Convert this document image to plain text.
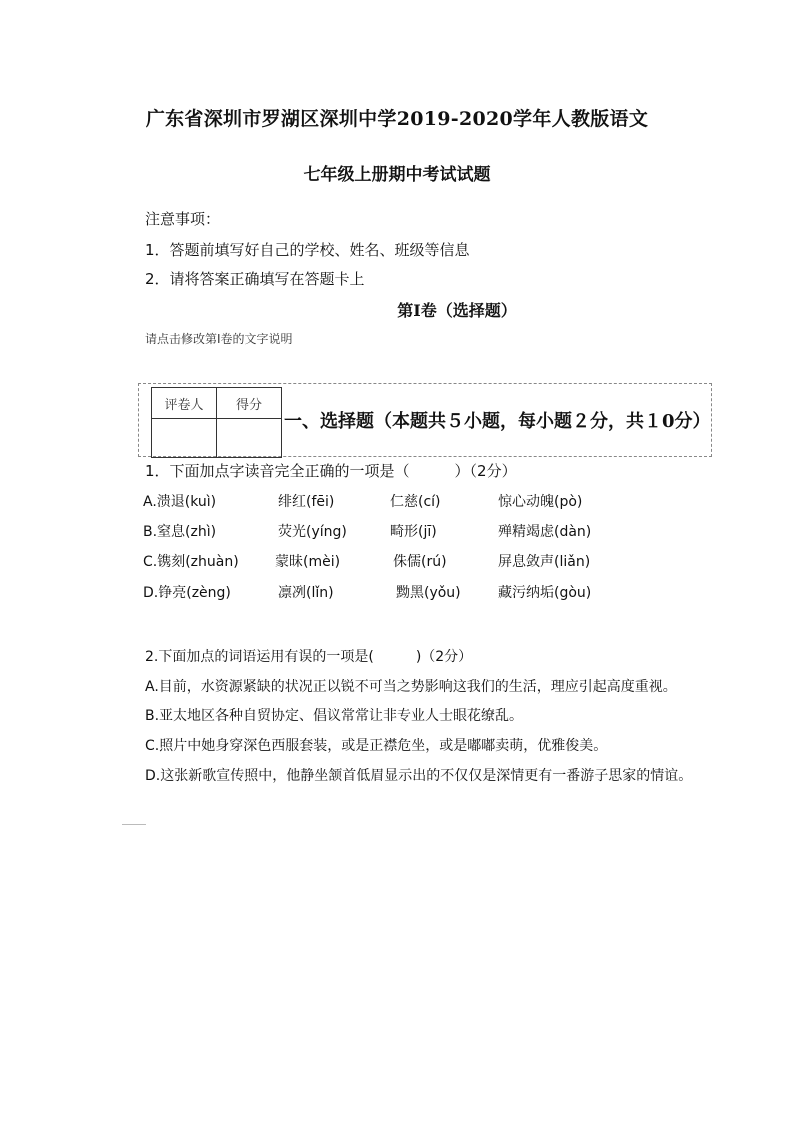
广东省深圳市罗湖区深圳中学2019-2020学年人教版语文
七年级上册期中考试试题
注意事项：
1．答题前填写好自己的学校、姓名、班级等信息
2．请将答案正确填写在答题卡上
第I卷（选择题）
请点击修改第I卷的文字说明
评卷人	得分

一、选择题（本题共５小题，每小题２分，共１0分）
1．下面加点字读音完全正确的一项是（　　　）（2分）
A.溃退(kuì)	绯红(fēi)	仁慈(cí)	惊心动魄(pò)
B.窒息(zhì)	荧光(yíng)	畸形(jī)	殚精竭虑(dàn)
C.镌刻(zhuàn)	蒙昧(mèi)	侏儒(rú)	屏息敛声(liǎn)
D.铮亮(zèng)	凛冽(lǐn)	黝黑(yǒu)	藏污纳垢(gòu)
2.下面加点的词语运用有误的一项是(　　　)（2分）
A.目前，水资源紧缺的状况正以锐不可当之势影响这我们的生活，理应引起高度重视。
B.亚太地区各种自贸协定、倡议常常让非专业人士眼花缭乱。
C.照片中她身穿深色西服套装，或是正襟危坐，或是嘟嘟卖萌，优雅俊美。
D.这张新歌宣传照中，他静坐颔首低眉显示出的不仅仅是深情更有一番游子思家的情谊。
